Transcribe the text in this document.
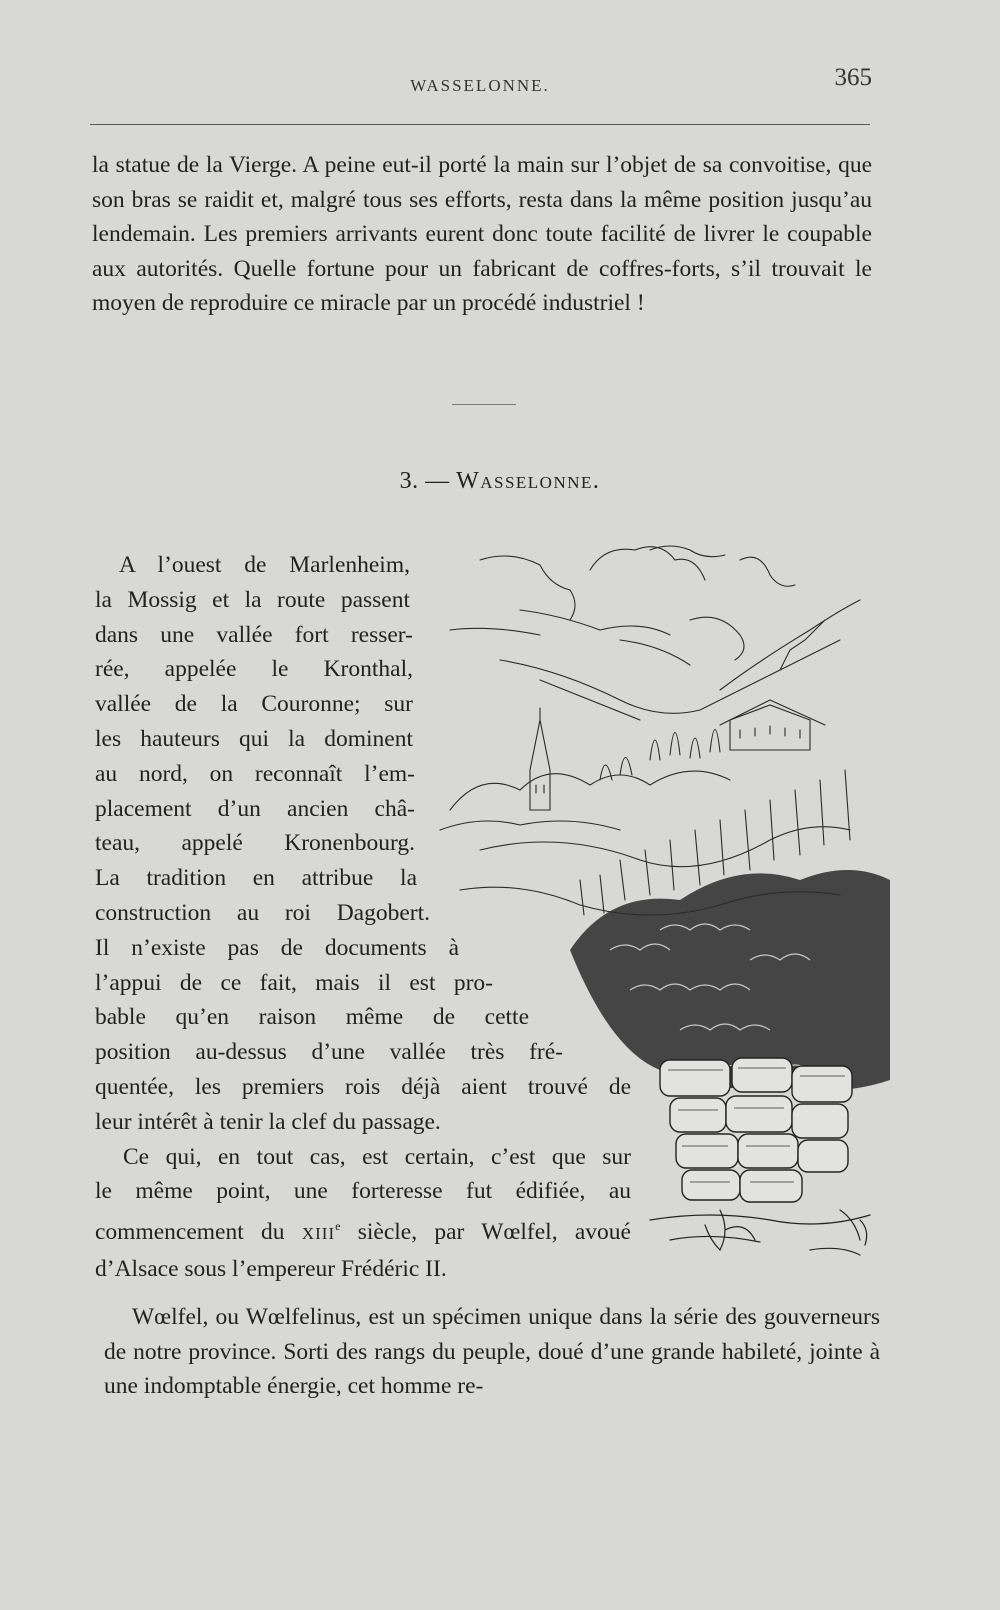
WASSELONNE.	365

la statue de la Vierge. A peine eut-il porté la main sur l’objet de sa convoitise, que son bras se raidit et, malgré tous ses efforts, resta dans la même position jusqu’au lendemain. Les premiers arrivants eurent donc toute facilité de livrer le coupable aux autorités. Quelle fortune pour un fabricant de coffres-forts, s’il trouvait le moyen de reproduire ce miracle par un procédé industriel !

3. — Wasselonne.
A l’ouest de Marlenheim,
la Mossig et la route passent
dans une vallée fort resser-
rée, appelée le Kronthal,
vallée de la Couronne; sur
les hauteurs qui la dominent
au nord, on reconnaît l’em-
placement d’un ancien châ-
teau, appelé Kronenbourg.
La tradition en attribue la
construction au roi Dagobert.
Il n’existe pas de documents à
l’appui de ce fait, mais il est pro-
bable qu’en raison même de cette
position au-dessus d’une vallée très fré-
quentée, les premiers rois déjà aient trouvé de
leur intérêt à tenir la clef du passage.
Ce qui, en tout cas, est certain, c’est que sur
le même point, une forteresse fut édifiée, au
commencement du XIIIe siècle, par Wœlfel, avoué
d’Alsace sous l’empereur Frédéric II.

Wœlfel, ou Wœlfelinus, est un spécimen unique dans la série des gouverneurs de notre province. Sorti des rangs du peuple, doué d’une grande habileté, jointe à une indomptable énergie, cet homme re-
